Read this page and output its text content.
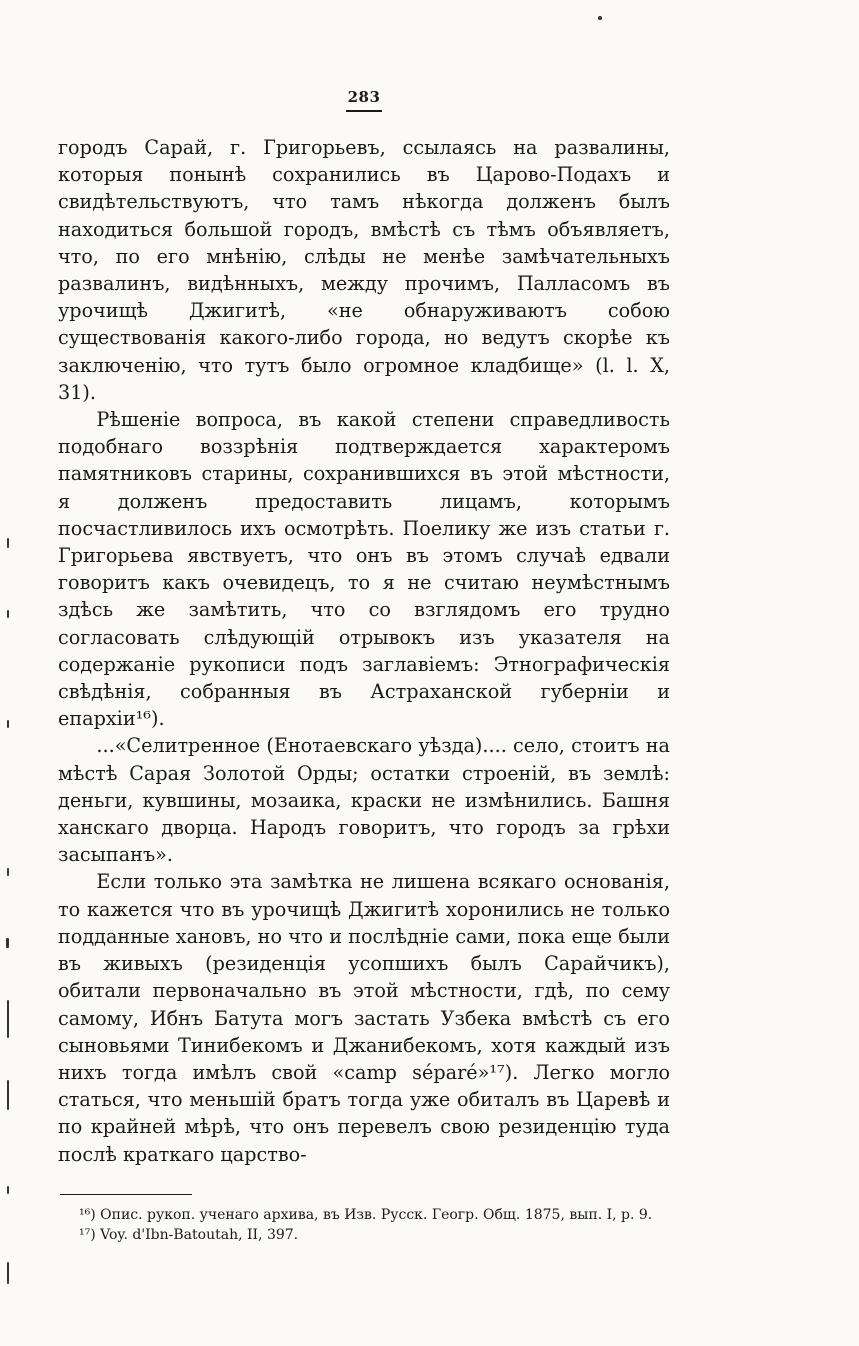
283

городъ Сарай, г. Григорьевъ, ссылаясь на развалины, которыя понынѣ сохранились въ Царово-Подахъ и свидѣтельствуютъ, что тамъ нѣкогда долженъ былъ находиться большой городъ, вмѣстѣ съ тѣмъ объявляетъ, что, по его мнѣнію, слѣды не менѣе замѣчательныхъ развалинъ, видѣнныхъ, между прочимъ, Палласомъ въ урочищѣ Джигитѣ, «не обнаруживаютъ собою существованія какого-либо города, но ведутъ скорѣе къ заключенію, что тутъ было огромное кладбище» (l. l. X, 31).

Рѣшеніе вопроса, въ какой степени справедливость подобнаго воззрѣнія подтверждается характеромъ памятниковъ старины, сохранившихся въ этой мѣстности, я долженъ предоставить лицамъ, которымъ посчастливилось ихъ осмотрѣть. Поелику же изъ статьи г. Григорьева явствуетъ, что онъ въ этомъ случаѣ едвали говоритъ какъ очевидецъ, то я не считаю неумѣстнымъ здѣсь же замѣтить, что со взглядомъ его трудно согласовать слѣдующій отрывокъ изъ указателя на содержаніе рукописи подъ заглавіемъ: Этнографическія свѣдѣнія, собранныя въ Астраханской губерніи и епархіи¹⁶).

...«Селитренное (Енотаевскаго уѣзда).... село, стоитъ на мѣстѣ Сарая Золотой Орды; остатки строеній, въ землѣ: деньги, кувшины, мозаика, краски не измѣнились. Башня ханскаго дворца. Народъ говоритъ, что городъ за грѣхи засыпанъ».

Если только эта замѣтка не лишена всякаго основанія, то кажется что въ урочищѣ Джигитѣ хоронились не только подданные хановъ, но что и послѣдніе сами, пока еще были въ живыхъ (резиденція усопшихъ былъ Сарайчикъ), обитали первоначально въ этой мѣстности, гдѣ, по сему самому, Ибнъ Батута могъ застать Узбека вмѣстѣ съ его сыновьями Тинибекомъ и Джанибекомъ, хотя каждый изъ нихъ тогда имѣлъ свой «camp séparé»¹⁷). Легко могло статься, что меньшій братъ тогда уже обиталъ въ Царевѣ и по крайней мѣрѣ, что онъ перевелъ свою резиденцію туда послѣ краткаго царство-

¹⁶) Опис. рукоп. ученаго архива, въ Изв. Русск. Геогр. Общ. 1875, вып. I, p. 9.

¹⁷) Voy. d'Ibn-Batoutah, II, 397.
